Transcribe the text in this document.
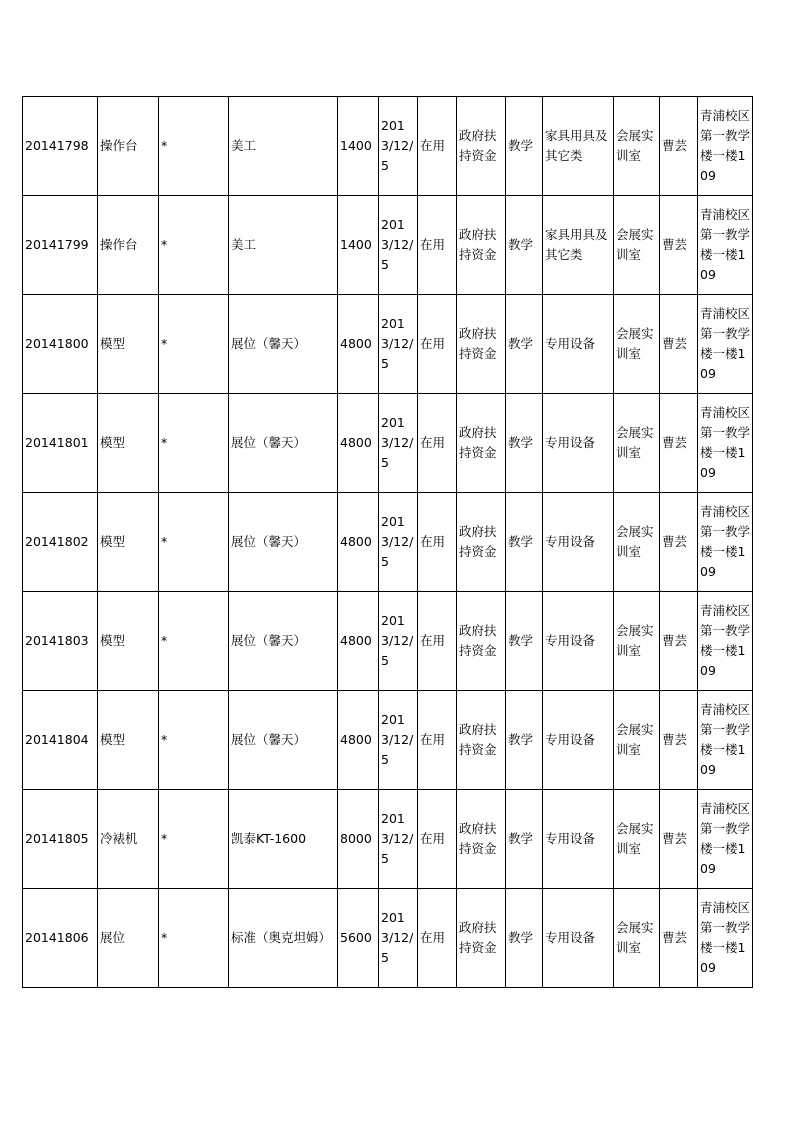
20141798	操作台	*	美工	1400	2013/12/5	在用	政府扶持资金	教学	家具用具及其它类	会展实训室	曹芸	青浦校区第一教学楼一楼109
20141799	操作台	*	美工	1400	2013/12/5	在用	政府扶持资金	教学	家具用具及其它类	会展实训室	曹芸	青浦校区第一教学楼一楼109
20141800	模型	*	展位（馨天）	4800	2013/12/5	在用	政府扶持资金	教学	专用设备	会展实训室	曹芸	青浦校区第一教学楼一楼109
20141801	模型	*	展位（馨天）	4800	2013/12/5	在用	政府扶持资金	教学	专用设备	会展实训室	曹芸	青浦校区第一教学楼一楼109
20141802	模型	*	展位（馨天）	4800	2013/12/5	在用	政府扶持资金	教学	专用设备	会展实训室	曹芸	青浦校区第一教学楼一楼109
20141803	模型	*	展位（馨天）	4800	2013/12/5	在用	政府扶持资金	教学	专用设备	会展实训室	曹芸	青浦校区第一教学楼一楼109
20141804	模型	*	展位（馨天）	4800	2013/12/5	在用	政府扶持资金	教学	专用设备	会展实训室	曹芸	青浦校区第一教学楼一楼109
20141805	冷裱机	*	凯泰KT-1600	8000	2013/12/5	在用	政府扶持资金	教学	专用设备	会展实训室	曹芸	青浦校区第一教学楼一楼109
20141806	展位	*	标准（奥克坦姆）	5600	2013/12/5	在用	政府扶持资金	教学	专用设备	会展实训室	曹芸	青浦校区第一教学楼一楼109
